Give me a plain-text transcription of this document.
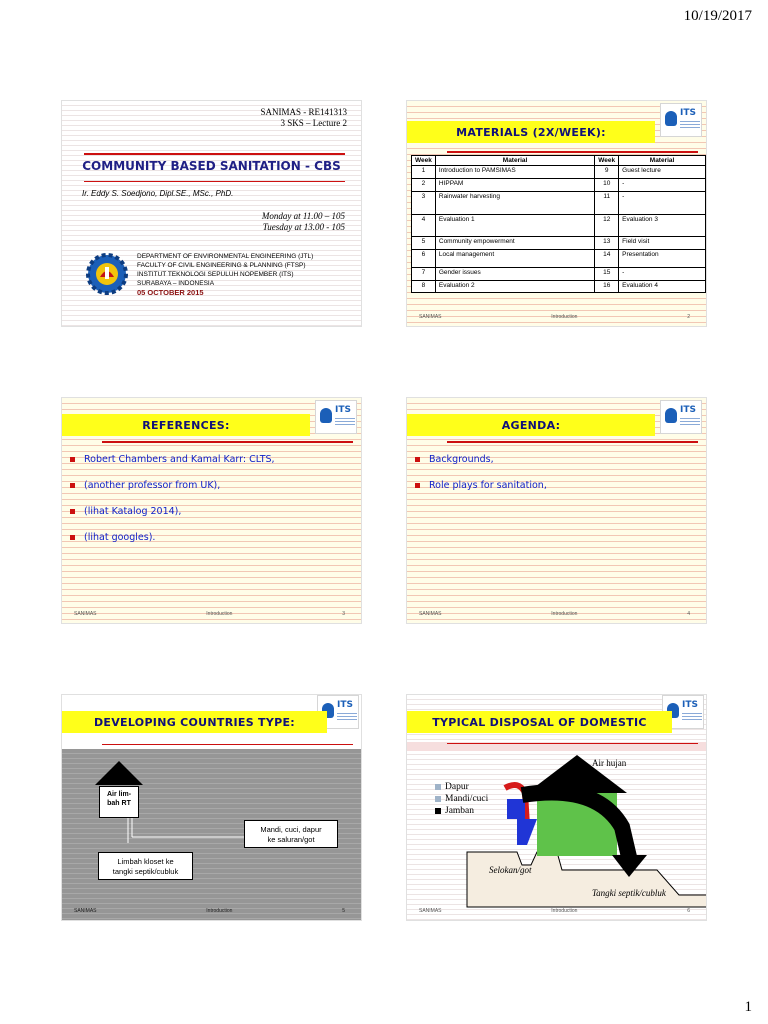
10/19/2017
SANIMAS - RE141313
3 SKS – Lecture 2
COMMUNITY BASED SANITATION - CBS
Ir. Eddy S. Soedjono, Dipl.SE., MSc., PhD.
Monday at 11.00 – 105
Tuesday at 13.00 - 105
DEPARTMENT OF ENVIRONMENTAL ENGINEERING (JTL)
FACULTY OF CIVIL ENGINEERING & PLANNING (FTSP)
INSTITUT TEKNOLOGI SEPULUH NOPEMBER (ITS)
SURABAYA – INDONESIA
05 OCTOBER 2015
ITS
MATERIALS (2X/WEEK):
Week	Material	Week	Material
1	Introduction to PAMSIMAS	9	Guest lecture
2	HIPPAM	10	-
3	Rainwater harvesting	11	-
4	Evaluation 1	12	Evaluation 3
5	Community empowerment	13	Field visit
6	Local management	14	Presentation
7	Gender issues	15	-
8	Evaluation 2	16	Evaluation 4
SANIMAS	Introduction	2
ITS
REFERENCES:
Robert Chambers and Kamal Karr: CLTS,
(another professor from UK),
(lihat Katalog 2014),
(lihat googles).
SANIMAS	Introduction	3
ITS
AGENDA:
Backgrounds,
Role plays for sanitation,
SANIMAS	Introduction	4
ITS
DEVELOPING COUNTRIES TYPE:
Air lim-
bah RT
Mandi, cuci, dapur
ke saluran/got
Limbah kloset ke
tangki septik/cubluk
SANIMAS	Introduction	5
ITS
TYPICAL DISPOSAL OF DOMESTIC
Dapur
Mandi/cuci
Jamban
Air hujan
Selokan/got
Tangki septik/cubluk
SANIMAS	Introduction	6
1
